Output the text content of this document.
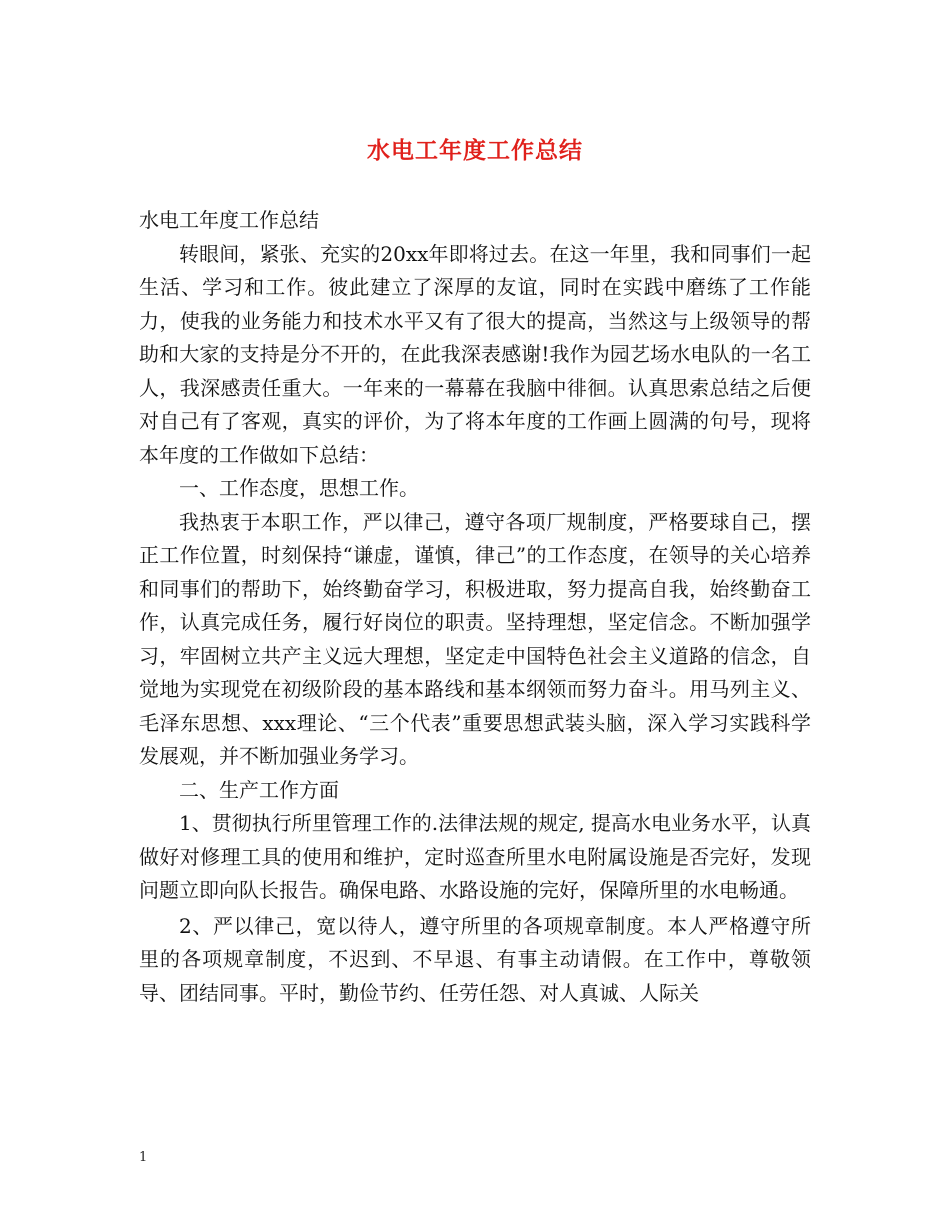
水电工年度工作总结

水电工年度工作总结

转眼间，紧张、充实的20xx年即将过去。在这一年里，我和同事们一起生活、学习和工作。彼此建立了深厚的友谊，同时在实践中磨练了工作能力，使我的业务能力和技术水平又有了很大的提高，当然这与上级领导的帮助和大家的支持是分不开的，在此我深表感谢!我作为园艺场水电队的一名工人，我深感责任重大。一年来的一幕幕在我脑中徘徊。认真思索总结之后便对自己有了客观，真实的评价，为了将本年度的工作画上圆满的句号，现将本年度的工作做如下总结：

一、工作态度，思想工作。

我热衷于本职工作，严以律己，遵守各项厂规制度，严格要球自己，摆正工作位置，时刻保持“谦虚，谨慎，律己”的工作态度，在领导的关心培养和同事们的帮助下，始终勤奋学习，积极进取，努力提高自我，始终勤奋工作，认真完成任务，履行好岗位的职责。坚持理想，坚定信念。不断加强学习，牢固树立共产主义远大理想，坚定走中国特色社会主义道路的信念，自觉地为实现党在初级阶段的基本路线和基本纲领而努力奋斗。用马列主义、毛泽东思想、xxx理论、“三个代表”重要思想武装头脑，深入学习实践科学发展观，并不断加强业务学习。

二、生产工作方面

1、贯彻执行所里管理工作的.法律法规的规定, 提高水电业务水平，认真做好对修理工具的使用和维护，定时巡查所里水电附属设施是否完好，发现问题立即向队长报告。确保电路、水路设施的完好，保障所里的水电畅通。

2、严以律己，宽以待人，遵守所里的各项规章制度。本人严格遵守所里的各项规章制度，不迟到、不早退、有事主动请假。在工作中，尊敬领导、团结同事。平时，勤俭节约、任劳任怨、对人真诚、人际关

1
